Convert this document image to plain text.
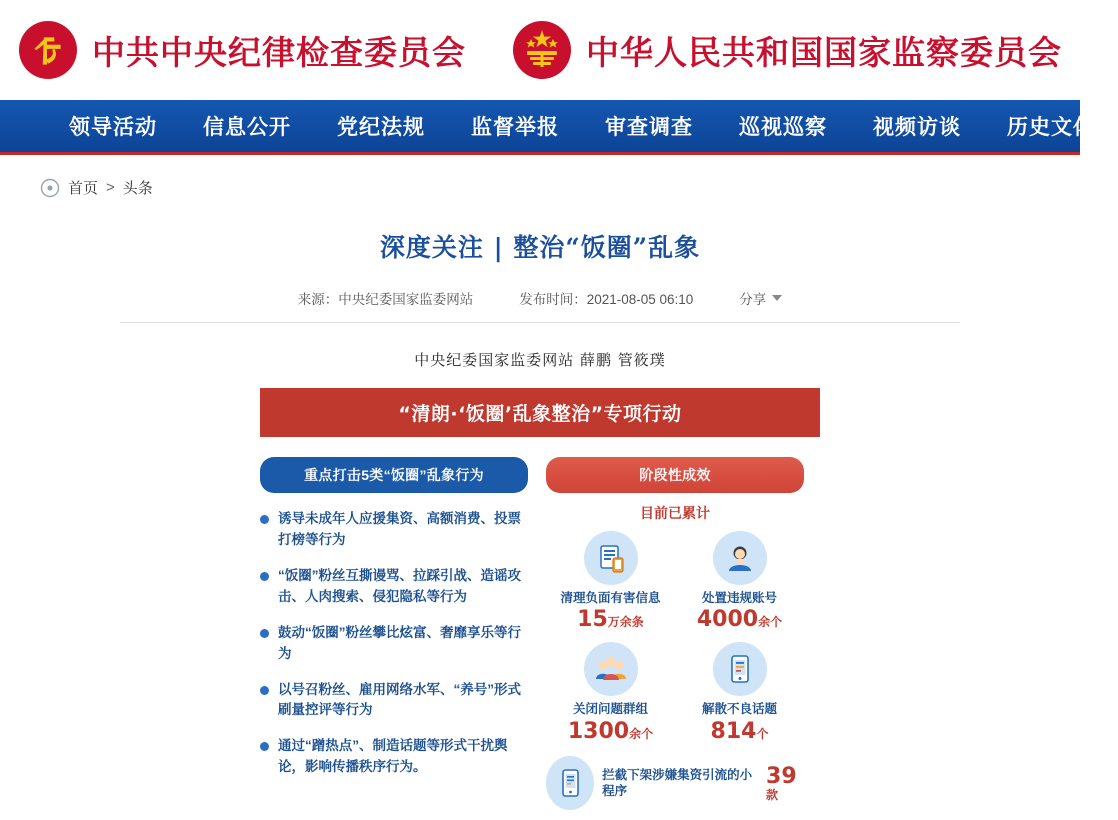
中共中央纪律检查委员会	中华人民共和国国家监察委员会
领导活动	信息公开	党纪法规	监督举报	审查调查	巡视巡察	视频访谈	历史文化
首页 > 头条
深度关注 | 整治“饭圈”乱象
来源：中央纪委国家监委网站	发布时间：2021-08-05 06:10	分享
中央纪委国家监委网站 薛鹏 管筱璞
“清朗·‘饭圈’乱象整治”专项行动
重点打击5类“饭圈”乱象行为
诱导未成年人应援集资、高额消费、投票打榜等行为
“饭圈”粉丝互撕谩骂、拉踩引战、造谣攻击、人肉搜索、侵犯隐私等行为
鼓动“饭圈”粉丝攀比炫富、奢靡享乐等行为
以号召粉丝、雇用网络水军、“养号”形式刷量控评等行为
通过“蹭热点”、制造话题等形式干扰舆论，影响传播秩序行为。
阶段性成效
目前已累计
清理负面有害信息
15万余条
处置违规账号
4000余个
关闭问题群组
1300余个
解散不良话题
814个
拦截下架涉嫌集资引流的小程序
39款
